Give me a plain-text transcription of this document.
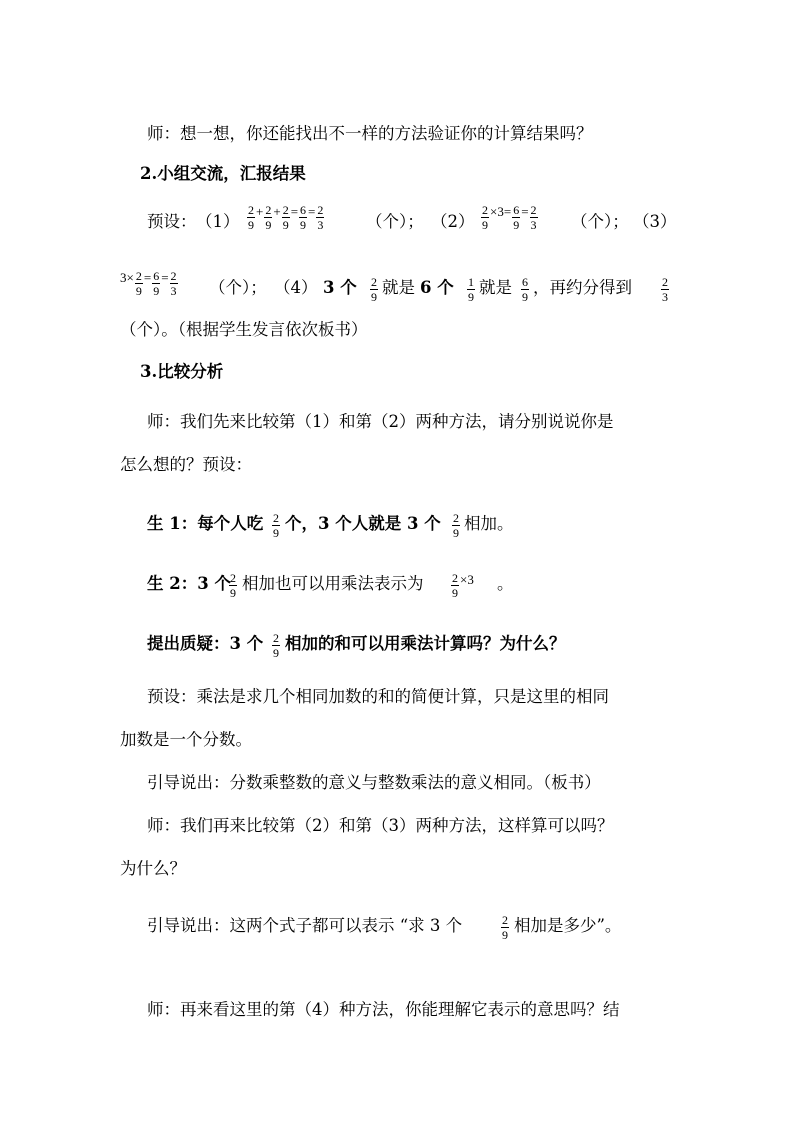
师：想一想，你还能找出不一样的方法验证你的计算结果吗？
2.小组交流，汇报结果
预设： $(1) \frac{2}{9} + \frac{2}{9} + \frac{2}{9} = \frac{6}{9} = \frac{2}{3}$	（个）； $(2) \frac{2}{9} \times 3= \frac{6}{9} = \frac{2}{3}$ （个）； （3）
$3\times \frac{2}{9} = \frac{6}{9} = \frac{2}{3}$ （个）； （4） 3 个 $\frac{2}{9}$ 就是 6 个 $\frac{1}{9}$ 就是 $\frac{6}{9}$ ，再约分得到 $\frac{2}{3}$
（个）。（根据学生发言依次板书）
3.比较分析
师：我们先来比较第（1）和第（2）两种方法，请分别说说你是
怎么想的？预设：
生 1：每个人吃 $\frac{2}{9}$ 个，3 个人就是 3 个 $\frac{2}{9}$ 相加。
生 2：3 个
$\frac{2}{9}$ 相加也可以用乘法表示为 $\frac{2}{9} \times 3$ 。
提出质疑：3 个 $\frac{2}{9}$ 相加的和可以用乘法计算吗？为什么？
预设：乘法是求几个相同加数的和的简便计算，只是这里的相同
加数是一个分数。
引导说出：分数乘整数的意义与整数乘法的意义相同。（板书）
师：我们再来比较第（2）和第（3）两种方法，这样算可以吗？
为什么？
引导说出：这两个式子都可以表示 “求 3 个	$\frac{2}{9}$ 相加是多少”。
师：再来看这里的第（4）种方法，你能理解它表示的意思吗？结
